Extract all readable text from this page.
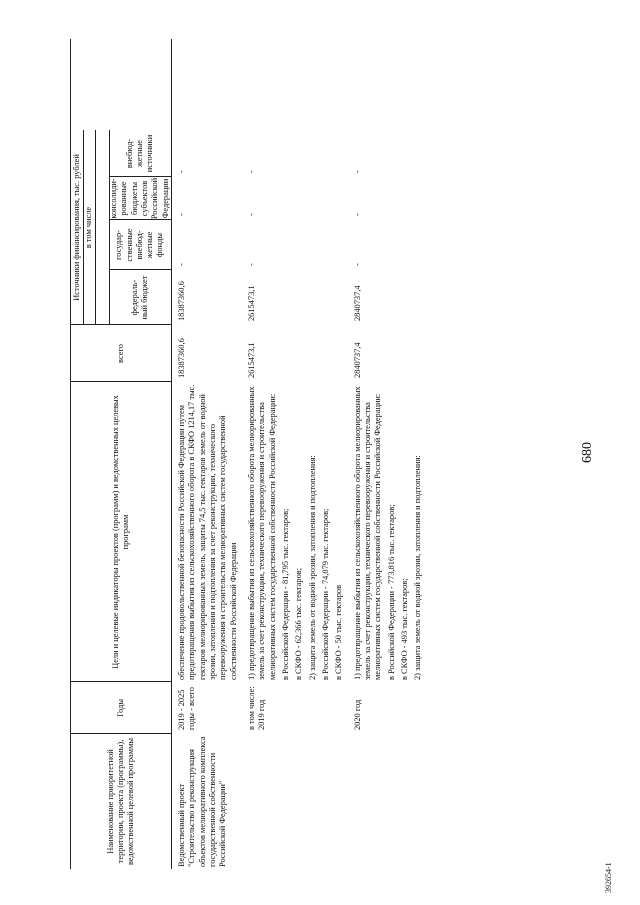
680
392654-1
Наименование приоритетной территории, проекта (программы), ведомственной целевой программы
Годы
Цели и целевые индикаторы проектов (программ) и ведомственных целевых программ
всего
Источники финансирования, тыс. рублей в том числе
федераль-ный бюджет
государ-ственные внебюд-жетные фонды
консолиди-рованные бюджеты субъектов Российской Федерации
внебюд-жетные источники
Ведомственный проект "Строительство и реконструкция объектов мелиоративного комплекса государственной собственности Российской Федерации"
2019 - 2025 годы - всего
обеспечение продовольственной безопасности Российской Федерации путем предотвращения выбытия из сельскохозяйственного оборота в СКФО 1214,17 тыс. гектаров мелиорированных земель, защиты 74,5 тыс. гектаров земель от водной эрозии, затопления и подтопления за счет реконструкции, технического перевооружения и строительства мелиоративных систем государственной собственности Российской Федерации
18387360,6
18387360,6
-
-
-
в том числе: 2019 год
1) предотвращение выбытия из сельскохозяйственного оборота мелиорированных земель за счет реконструкции, технического перевооружения и строительства мелиоративных систем государственной собственности Российской Федерации: в Российской Федерации - 81,795 тыс. гектаров; в СКФО - 62,366 тыс. гектаров; 2) защита земель от водной эрозии, затопления и подтопления: в Российской Федерации - 74,079 тыс. гектаров; в СКФО - 50 тыс. гектаров
2615473,1
2615473,1
-
-
-
2020 год
1) предотвращение выбытия из сельскохозяйственного оборота мелиорированных земель за счет реконструкции, технического перевооружения и строительства мелиоративных систем государственной собственности Российской Федерации: в Российской Федерации - 773,816 тыс. гектаров; в СКФО - 493 тыс. гектаров; 2) защита земель от водной эрозии, затопления и подтопления:
2840737,4
2840737,4
-
-
-
